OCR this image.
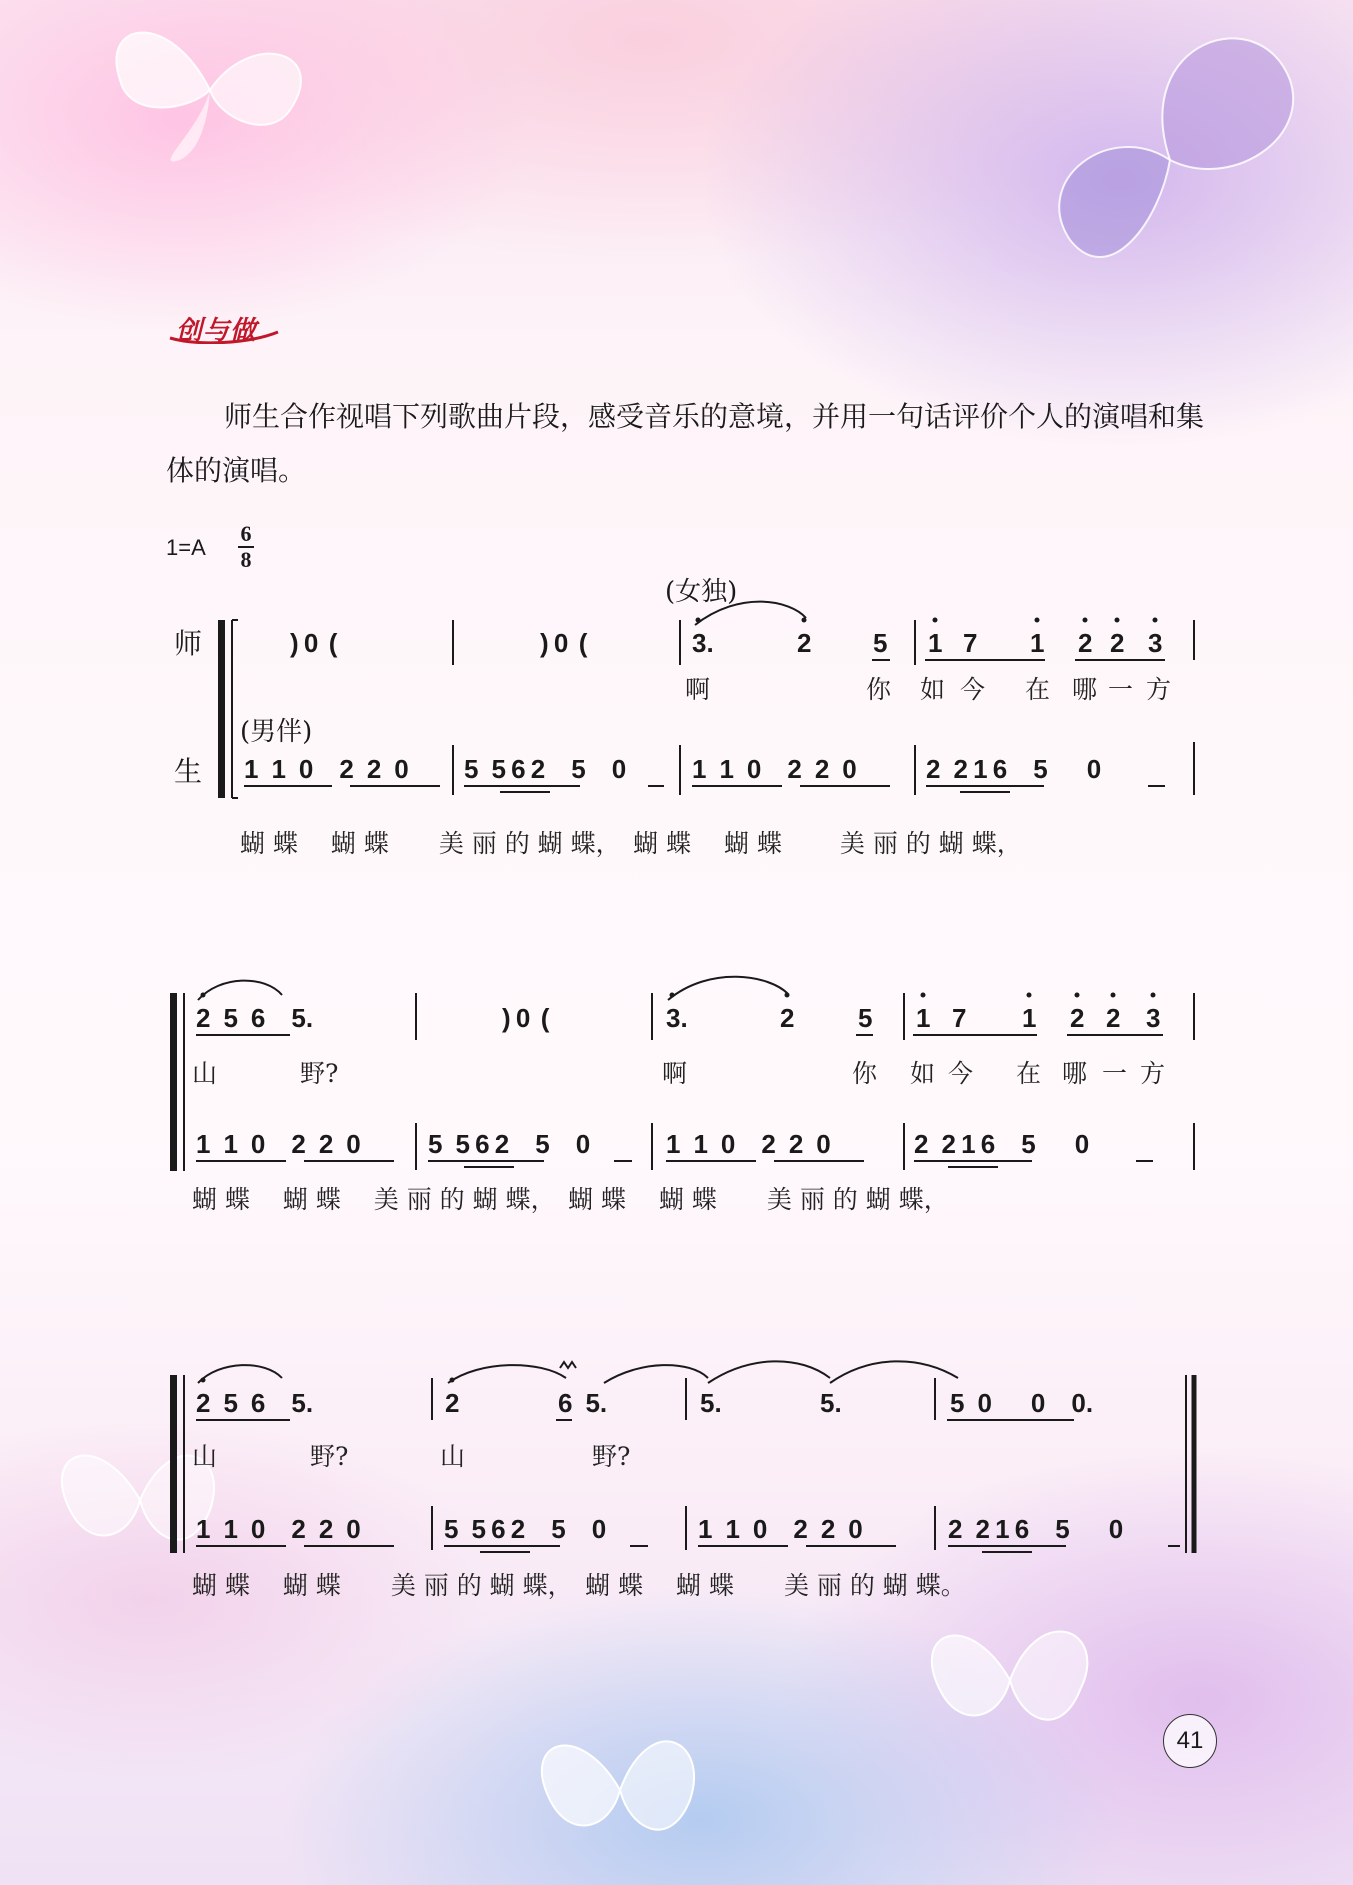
创与做
师生合作视唱下列歌曲片段，感受音乐的意境，并用一句话评价个人的演唱和集体的演唱。
1=A
6
8
师
生
(女独)
) 0  (	) 0  (	3.	2 5 1 7 1 2 2 3
啊	你 如 今 在 哪 一 方
(男伴)
1 1 0  2 2 0 5 5 6 2  5  0	1 1 0  2 2 0	2 2 1 6  5   0
蝴 蝶　 蝴 蝶　　美 丽 的 蝴 蝶，　蝴 蝶　 蝴 蝶　　 美 丽 的 蝴 蝶，
2 5 6  5.	) 0  (	3.	2 5 1 7 1 2 2 3
山	野?	啊	你 如 今 在 哪 一 方
1 1 0  2 2 0	5 5 6 2  5  0	1 1 0  2 2 0	2 2 1 6  5   0
蝴 蝶　 蝴 蝶　 美 丽 的 蝴 蝶，　蝴 蝶　 蝴 蝶　　美 丽 的 蝴 蝶，
2 5 6  5.	2	6 5.	5.	5.	5 0   0  0.
山	野?	山	野?
1 1 0  2 2 0	5 5 6 2  5  0	1 1 0  2 2 0	2 2 1 6  5   0
蝴 蝶　 蝴 蝶　　美 丽 的 蝴 蝶，　蝴 蝶　 蝴 蝶　　美 丽 的 蝴 蝶。
41
